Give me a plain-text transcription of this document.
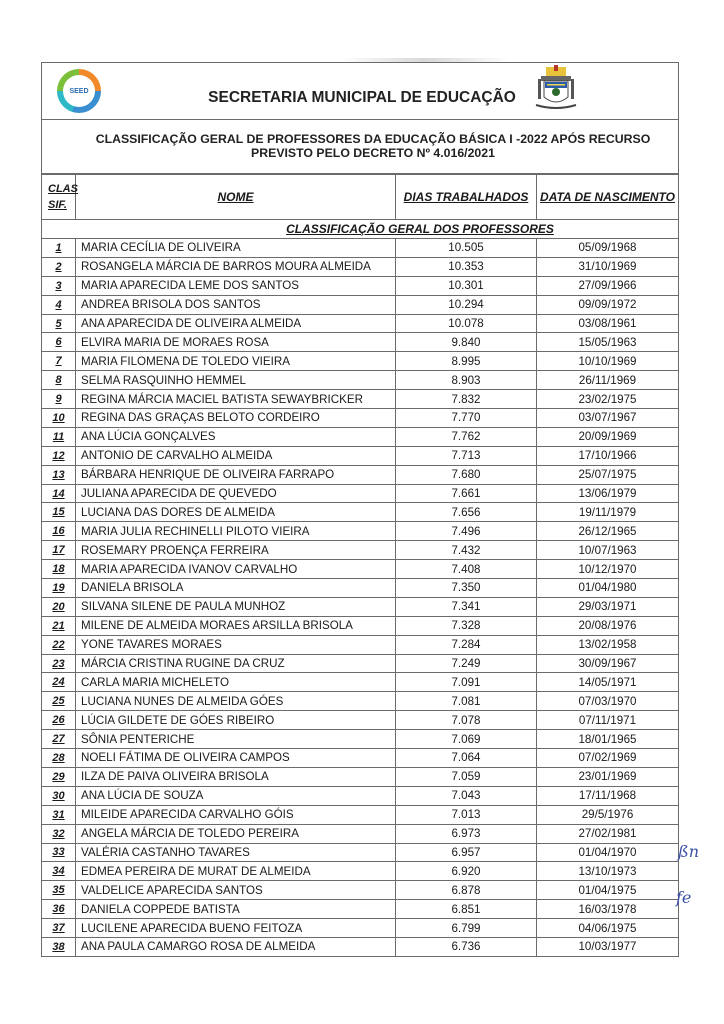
SEED	SECRETARIA MUNICIPAL DE EDUCAÇÃO
CLASSIFICAÇÃO GERAL DE PROFESSORES DA EDUCAÇÃO BÁSICA I -2022 APÓS RECURSO
PREVISTO PELO DECRETO Nº 4.016/2021
CLAS
SIF.	NOME	DIAS TRABALHADOS	DATA DE NASCIMENTO
CLASSIFICAÇÃO GERAL DOS PROFESSORES			
1	MARIA CECÍLIA DE OLIVEIRA	10.505	05/09/1968
2	ROSANGELA MÁRCIA DE BARROS MOURA ALMEIDA	10.353	31/10/1969
3	MARIA APARECIDA LEME DOS SANTOS	10.301	27/09/1966
4	ANDREA BRISOLA DOS SANTOS	10.294	09/09/1972
5	ANA APARECIDA DE OLIVEIRA ALMEIDA	10.078	03/08/1961
6	ELVIRA MARIA DE MORAES ROSA	9.840	15/05/1963
7	MARIA FILOMENA DE TOLEDO VIEIRA	8.995	10/10/1969
8	SELMA RASQUINHO HEMMEL	8.903	26/11/1969
9	REGINA MÁRCIA MACIEL BATISTA SEWAYBRICKER	7.832	23/02/1975
10	REGINA DAS GRAÇAS BELOTO CORDEIRO	7.770	03/07/1967
11	ANA LÚCIA GONÇALVES	7.762	20/09/1969
12	ANTONIO DE CARVALHO ALMEIDA	7.713	17/10/1966
13	BÁRBARA HENRIQUE DE OLIVEIRA FARRAPO	7.680	25/07/1975
14	JULIANA APARECIDA DE QUEVEDO	7.661	13/06/1979
15	LUCIANA DAS DORES DE ALMEIDA	7.656	19/11/1979
16	MARIA JULIA RECHINELLI PILOTO VIEIRA	7.496	26/12/1965
17	ROSEMARY PROENÇA FERREIRA	7.432	10/07/1963
18	MARIA APARECIDA IVANOV CARVALHO	7.408	10/12/1970
19	DANIELA BRISOLA	7.350	01/04/1980
20	SILVANA SILENE DE PAULA MUNHOZ	7.341	29/03/1971
21	MILENE DE ALMEIDA MORAES ARSILLA BRISOLA	7.328	20/08/1976
22	YONE TAVARES MORAES	7.284	13/02/1958
23	MÁRCIA CRISTINA RUGINE DA CRUZ	7.249	30/09/1967
24	CARLA MARIA MICHELETO	7.091	14/05/1971
25	LUCIANA NUNES DE ALMEIDA GÓES	7.081	07/03/1970
26	LÚCIA GILDETE DE GÓES RIBEIRO	7.078	07/11/1971
27	SÔNIA PENTERICHE	7.069	18/01/1965
28	NOELI FÁTIMA DE OLIVEIRA CAMPOS	7.064	07/02/1969
29	ILZA DE PAIVA OLIVEIRA BRISOLA	7.059	23/01/1969
30	ANA LÚCIA DE SOUZA	7.043	17/11/1968
31	MILEIDE APARECIDA CARVALHO GÓIS	7.013	29/5/1976
32	ANGELA MÁRCIA DE TOLEDO PEREIRA	6.973	27/02/1981
33	VALÉRIA CASTANHO TAVARES	6.957	01/04/1970
34	EDMEA PEREIRA DE MURAT DE ALMEIDA	6.920	13/10/1973
35	VALDELICE APARECIDA SANTOS	6.878	01/04/1975
36	DANIELA COPPEDE BATISTA	6.851	16/03/1978
37	LUCILENE APARECIDA BUENO FEITOZA	6.799	04/06/1975
38	ANA PAULA CAMARGO ROSA DE ALMEIDA	6.736	10/03/1977
ßn
fe
